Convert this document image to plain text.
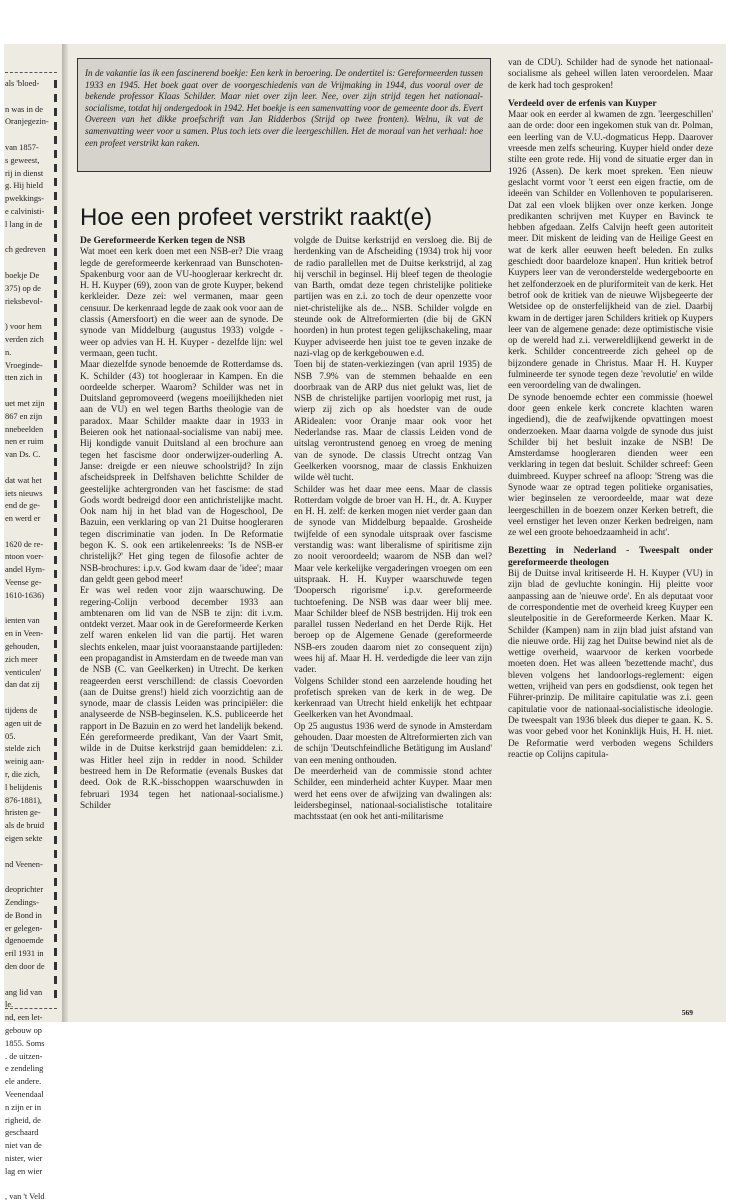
als 'bloed-

n was in de
Oranjegezin-

van 1857-
s geweest,
rij in dienst
g. Hij hield
pwekkings-
e calvinisti-
l lang in de

ch gedreven

boekje De
375) op de
rieksbevol-

) voor hem
verden zich
n.
Vroeginde-
tten zich in

uet met zijn
867 en zijn
nnebeelden
nen er ruim
van Ds. C.

dat wat het
iets nieuws
end de ge-
en werd er

1620 de re-
ntoon voer-
andel Hym-
Veense ge-
1610-1636)

ienten van
en in Veen-
gehouden,
zich meer
venticulen'
dan dat zij

tijdens de
agen uit de
05.
stelde zich
weinig aan-
r, die zich,
l belijdenis
876-1881),
hristen ge-
als de bruid
eigen sekte

nd Veenen-

deoprichter
Zendings-
de Bond in
er gelegen-
dgenoemde
eril 1931 in
den door de

ang lid van
le.
nd, een let-
gebouw op
1855. Soms
. de uitzen-
e zendeling
ele andere.
Veenendaal
n zijn er in
righeid, de
geschaard
niet van de
nister, wier
lag en wier

, van 't Veld
In de vakantie las ik een fascinerend boekje: Een kerk in beroering. De ondertitel is: Gereformeerden tussen 1933 en 1945. Het boek gaat over de voorgeschiedenis van de Vrijmaking in 1944, dus vooral over de bekende professor Klaas Schilder. Maar niet over zijn leer. Nee, over zijn strijd tegen het nationaal-socialisme, totdat hij ondergedook in 1942. Het boekje is een samenvatting voor de gemeente door ds. Evert Overeen van het dikke proefschrift van Jan Ridderbos (Strijd op twee fronten). Welnu, ik vat de samenvatting weer voor u samen. Plus toch iets over die leergeschillen. Het de moraal van het verhaal: hoe een profeet verstrikt kan raken.
Hoe een profeet verstrikt raakt(e)
De Gereformeerde Kerken tegen de NSB

Wat moet een kerk doen met een NSB-er? Die vraag legde de gereformeerde kerkenraad van Bunschoten-Spakenburg voor aan de VU-hoogleraar kerkrecht dr. H. H. Kuyper (69), zoon van de grote Kuyper, bekend kerkleider. Deze zei: wel vermanen, maar geen censuur. De kerkenraad legde de zaak ook voor aan de classis (Amersfoort) en die weer aan de synode. De synode van Middelburg (augustus 1933) volgde - weer op advies van H. H. Kuyper - dezelfde lijn: wel vermaan, geen tucht.

Maar diezelfde synode benoemde de Rotterdamse ds. K. Schilder (43) tot hoogleraar in Kampen. En die oordeelde scherper. Waarom? Schilder was net in Duitsland gepromoveerd (wegens moeilijkheden niet aan de VU) en wel tegen Barths theologie van de paradox. Maar Schilder maakte daar in 1933 in Beieren ook het nationaal-socialisme van nabij mee. Hij kondigde vanuit Duitsland al een brochure aan tegen het fascisme door onderwijzer-ouderling A. Janse: dreigde er een nieuwe schoolstrijd? In zijn afscheidspreek in Delfshaven belichtte Schilder de geestelijke achtergronden van het fascisme: de stad Gods wordt bedreigd door een antichristelijke macht. Ook nam hij in het blad van de Hogeschool, De Bazuin, een verklaring op van 21 Duitse hoogleraren tegen discriminatie van joden. In De Reformatie begon K. S. ook een artikelenreeks: 'Is de NSB-er christelijk?' Het ging tegen de filosofie achter de NSB-brochures: i.p.v. God kwam daar de 'idee'; maar dan geldt geen gebod meer!

Er was wel reden voor zijn waarschuwing. De regering-Colijn verbood december 1933 aan ambtenaren om lid van de NSB te zijn: dit i.v.m. ontdekt verzet. Maar ook in de Gereformeerde Kerken zelf waren enkelen lid van die partij. Het waren slechts enkelen, maar juist vooraanstaande partijleden: een propagandist in Amsterdam en de tweede man van de NSB (C. van Geelkerken) in Utrecht. De kerken reageerden eerst verschillend: de classis Coevorden (aan de Duitse grens!) hield zich voorzichtig aan de synode, maar de classis Leiden was principiëler: die analyseerde de NSB-beginselen. K.S. publiceerde het rapport in De Bazuin en zo werd het landelijk bekend. Eén gereformeerde predikant, Van der Vaart Smit, wilde in de Duitse kerkstrijd gaan bemiddelen: z.i. was Hitler heel zijn in redder in nood. Schilder bestreed hem in De Reformatie (evenals Buskes dat deed. Ook de R.K.-bisschoppen waarschuwden in februari 1934 tegen het nationaal-socialisme.) Schilder

volgde de Duitse kerkstrijd en versloeg die. Bij de herdenking van de Afscheiding (1934) trok hij voor de radio parallellen met de Duitse kerkstrijd, al zag hij verschil in beginsel. Hij bleef tegen de theologie van Barth, omdat deze tegen christelijke politieke partijen was en z.i. zo toch de deur openzette voor niet-christelijke als de... NSB. Schilder volgde en steunde ook de Altreformierten (die bij de GKN hoorden) in hun protest tegen gelijkschakeling, maar Kuyper adviseerde hen juist toe te geven inzake de nazi-vlag op de kerkgebouwen e.d.

Toen bij de staten-verkiezingen (van april 1935) de NSB 7.9% van de stemmen behaalde en een doorbraak van de ARP dus niet gelukt was, liet de NSB de christelijke partijen voorlopig met rust, ja wierp zij zich op als hoedster van de oude ARidealen: voor Oranje maar ook voor het Nederlandse ras. Maar de classis Leiden vond de uitslag verontrustend genoeg en vroeg de mening van de synode. De classis Utrecht ontzag Van Geelkerken voorsnog, maar de classis Enkhuizen wilde wèl tucht.

Schilder was het daar mee eens. Maar de classis Rotterdam volgde de broer van H. H., dr. A. Kuyper en H. H. zelf: de kerken mogen niet verder gaan dan de synode van Middelburg bepaalde. Grosheide twijfelde of een synodale uitspraak over fascisme verstandig was: want liberalisme of spiritisme zijn zo nooit veroordeeld; waarom de NSB dan wel? Maar vele kerkelijke vergaderingen vroegen om een uitspraak. H. H. Kuyper waarschuwde tegen 'Doopersch rigorisme' i.p.v. gereformeerde tuchtoefening. De NSB was daar weer blij mee. Maar Schilder bleef de NSB bestrijden. Hij trok een parallel tussen Nederland en het Derde Rijk. Het beroep op de Algemene Genade (gereformeerde NSB-ers zouden daarom niet zo consequent zijn) wees hij af. Maar H. H. verdedigde die leer van zijn vader.

Volgens Schilder stond een aarzelende houding het profetisch spreken van de kerk in de weg. De kerkenraad van Utrecht hield enkelijk het echtpaar Geelkerken van het Avondmaal.

Op 25 augustus 1936 werd de synode in Amsterdam gehouden. Daar moesten de Altreformierten zich van de schijn 'Deutschfeindliche Betätigung im Ausland' van een mening onthouden.

De meerderheid van de commissie stond achter Schilder, een minderheid achter Kuyper. Maar men werd het eens over de afwijzing van dwalingen als: leidersbeginsel, nationaal-socialistische totalitaire machtsstaat (en ook het anti-militarisme

van de CDU). Schilder had de synode het nationaal-socialisme als geheel willen laten veroordelen. Maar de kerk had toch gesproken!

Verdeeld over de erfenis van Kuyper

Maar ook en eerder al kwamen de zgn. 'leergeschillen' aan de orde: door een ingekomen stuk van dr. Polman, een leerling van de V.U.-dogmaticus Hepp. Daarover vreesde men zelfs scheuring. Kuyper hield onder deze stilte een grote rede. Hij vond de situatie erger dan in 1926 (Assen). De kerk moet spreken. 'Een nieuw geslacht vormt voor 't eerst een eigen fractie, om de ideeën van Schilder en Vollenhoven te populariseren. Dat zal een vloek blijken over onze kerken. Jonge predikanten schrijven met Kuyper en Bavinck te hebben afgedaan. Zelfs Calvijn heeft geen autoriteit meer. Dit miskent de leiding van de Heilige Geest en wat de kerk aller eeuwen heeft beleden. En zulks geschiedt door baardeloze knapen'. Hun kritiek betrof Kuypers leer van de veronderstelde wedergeboorte en het zelfonderzoek en de pluriformiteit van de kerk. Het betrof ook de kritiek van de nieuwe Wijsbegeerte der Wetsidee op de onsterfelijkheid van de ziel. Daarbij kwam in de dertiger jaren Schilders kritiek op Kuypers leer van de algemene genade: deze optimistische visie op de wereld had z.i. verwereldlijkend gewerkt in de kerk. Schilder concentreerde zich geheel op de bijzondere genade in Christus. Maar H. H. Kuyper fulmineerde ter synode tegen deze 'revolutie' en wilde een veroordeling van de dwalingen.

De synode benoemde echter een commissie (hoewel door geen enkele kerk concrete klachten waren ingediend), die de zeafwijkende opvattingen moest onderzoeken. Maar daarna volgde de synode dus juist Schilder bij het besluit inzake de NSB! De Amsterdamse hoogleraren dienden weer een verklaring in tegen dat besluit. Schilder schreef: Geen duimbreed. Kuyper schreef na afloop: 'Streng was die Synode waar ze optrad tegen politieke organisaties, wier beginselen ze veroordeelde, maar wat deze leergeschillen in de boezem onzer Kerken betreft, die veel ernstiger het leven onzer Kerken bedreigen, nam ze wel een groote behoedzaamheid in acht'.

Bezetting in Nederland - Tweespalt onder gereformeerde theologen

Bij de Duitse inval kritiseerde H. H. Kuyper (VU) in zijn blad de gevluchte koningin. Hij pleitte voor aanpassing aan de 'nieuwe orde'. En als deputaat voor de correspondentie met de overheid kreeg Kuyper een sleutelpositie in de Gereformeerde Kerken. Maar K. Schilder (Kampen) nam in zijn blad juist afstand van die nieuwe orde. Hij zag het Duitse bewind niet als de wettige overheid, waarvoor de kerken voorbede moeten doen. Het was alleen 'bezettende macht', dus bleven volgens het landoorlogs-reglement: eigen wetten, vrijheid van pers en godsdienst, ook tegen het Führer-prinzip. De militaire capitulatie was z.i. geen capitulatie voor de nationaal-socialistische ideologie. De tweespalt van 1936 bleek dus dieper te gaan. K. S. was voor gebed voor het Koninklijk Huis, H. H. niet. De Reformatie werd verboden wegens Schilders reactie op Colijns capitula-

569
